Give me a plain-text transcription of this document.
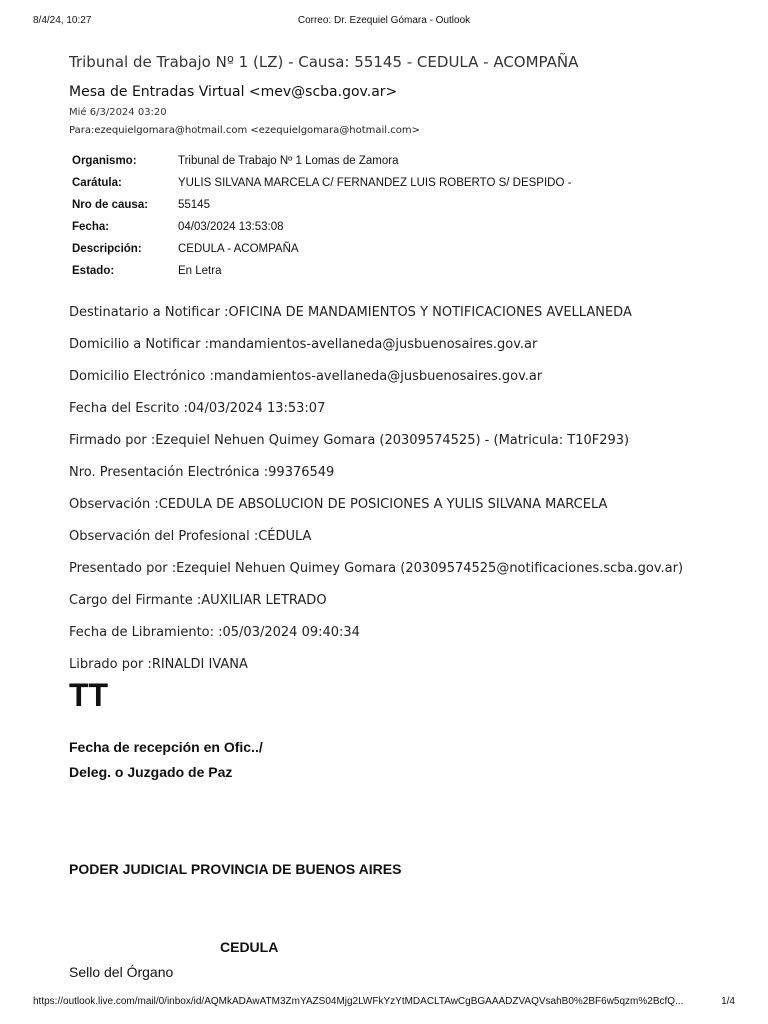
8/4/24, 10:27	Correo: Dr. Ezequiel Gómara - Outlook
Tribunal de Trabajo Nº 1 (LZ) - Causa: 55145 - CEDULA - ACOMPAÑA
Mesa de Entradas Virtual <mev@scba.gov.ar>
Mié 6/3/2024 03:20
Para:ezequielgomara@hotmail.com <ezequielgomara@hotmail.com>
Organismo:	Tribunal de Trabajo Nº 1 Lomas de Zamora
Carátula:	YULIS SILVANA MARCELA C/ FERNANDEZ LUIS ROBERTO S/ DESPIDO -
Nro de causa:	55145
Fecha:	04/03/2024 13:53:08
Descripción:	CEDULA - ACOMPAÑA
Estado:	En Letra
Destinatario a Notificar :OFICINA DE MANDAMIENTOS Y NOTIFICACIONES AVELLANEDA
Domicilio a Notificar :mandamientos-avellaneda@jusbuenosaires.gov.ar
Domicilio Electrónico :mandamientos-avellaneda@jusbuenosaires.gov.ar
Fecha del Escrito :04/03/2024 13:53:07
Firmado por :Ezequiel Nehuen Quimey Gomara (20309574525) - (Matricula: T10F293)
Nro. Presentación Electrónica :99376549
Observación :CEDULA DE ABSOLUCION DE POSICIONES A YULIS SILVANA MARCELA
Observación del Profesional :CÉDULA
Presentado por :Ezequiel Nehuen Quimey Gomara (20309574525@notificaciones.scba.gov.ar)
Cargo del Firmante :AUXILIAR LETRADO
Fecha de Libramiento: :05/03/2024 09:40:34
Librado por :RINALDI IVANA
TT
Fecha de recepción en Ofic../
Deleg. o Juzgado de Paz
PODER JUDICIAL PROVINCIA DE BUENOS AIRES
CEDULA
Sello del Órgano
https://outlook.live.com/mail/0/inbox/id/AQMkADAwATM3ZmYAZS04Mjg2LWFkYzYtMDACLTAwCgBGAAADZVAQVsahB0%2BF6w5qzm%2BcfQ...	1/4
